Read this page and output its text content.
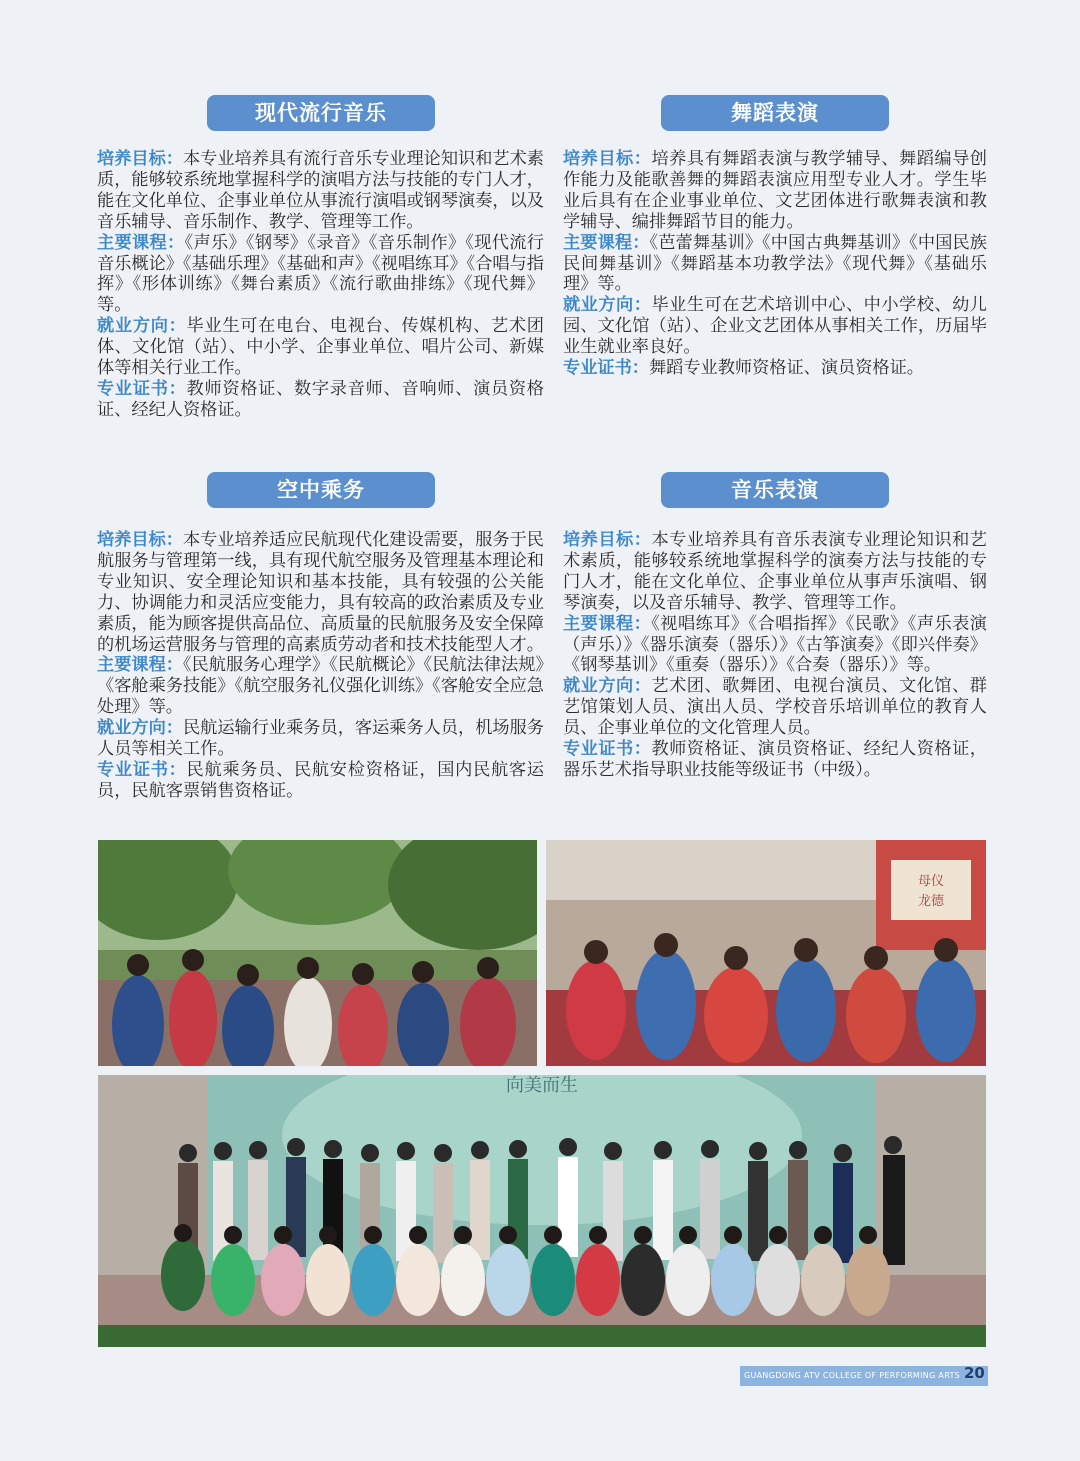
现代流行音乐	舞蹈表演
空中乘务	音乐表演

培养目标：本专业培养具有流行音乐专业理论知识和艺术素质，能够较系统地掌握科学的演唱方法与技能的专门人才，能在文化单位、企事业单位从事流行演唱或钢琴演奏，以及音乐辅导、音乐制作、教学、管理等工作。

主要课程：《声乐》《钢琴》《录音》《音乐制作》《现代流行音乐概论》《基础乐理》《基础和声》《视唱练耳》《合唱与指挥》《形体训练》《舞台素质》《流行歌曲排练》《现代舞》等。

就业方向：毕业生可在电台、电视台、传媒机构、艺术团体、文化馆（站）、中小学、企事业单位、唱片公司、新媒体等相关行业工作。

专业证书：教师资格证、数字录音师、音响师、演员资格证、经纪人资格证。

培养目标：培养具有舞蹈表演与教学辅导、舞蹈编导创作能力及能歌善舞的舞蹈表演应用型专业人才。学生毕业后具有在企业事业单位、文艺团体进行歌舞表演和教学辅导、编排舞蹈节目的能力。

主要课程：《芭蕾舞基训》《中国古典舞基训》《中国民族民间舞基训》《舞蹈基本功教学法》《现代舞》《基础乐理》等。

就业方向：毕业生可在艺术培训中心、中小学校、幼儿园、文化馆（站）、企业文艺团体从事相关工作，历届毕业生就业率良好。

专业证书：舞蹈专业教师资格证、演员资格证。

培养目标：本专业培养适应民航现代化建设需要，服务于民航服务与管理第一线，具有现代航空服务及管理基本理论和专业知识、安全理论知识和基本技能，具有较强的公关能力、协调能力和灵活应变能力，具有较高的政治素质及专业素质，能为顾客提供高品位、高质量的民航服务及安全保障的机场运营服务与管理的高素质劳动者和技术技能型人才。

主要课程：《民航服务心理学》《民航概论》《民航法律法规》《客舱乘务技能》《航空服务礼仪强化训练》《客舱安全应急处理》等。

就业方向：民航运输行业乘务员，客运乘务人员，机场服务人员等相关工作。

专业证书：民航乘务员、民航安检资格证，国内民航客运员，民航客票销售资格证。

培养目标：本专业培养具有音乐表演专业理论知识和艺术素质，能够较系统地掌握科学的演奏方法与技能的专门人才，能在文化单位、企事业单位从事声乐演唱、钢琴演奏，以及音乐辅导、教学、管理等工作。

主要课程：《视唱练耳》《合唱指挥》《民歌》《声乐表演（声乐）》《器乐演奏（器乐）》《古筝演奏》《即兴伴奏》《钢琴基训》《重奏（器乐）》《合奏（器乐）》等。

就业方向：艺术团、歌舞团、电视台演员、文化馆、群艺馆策划人员、演出人员、学校音乐培训单位的教育人员、企事业单位的文化管理人员。

专业证书：教师资格证、演员资格证、经纪人资格证，器乐艺术指导职业技能等级证书（中级）。

母仪
龙德
向美而生
GUANGDONG ATV COLLEGE OF PERFORMING ARTS 20
